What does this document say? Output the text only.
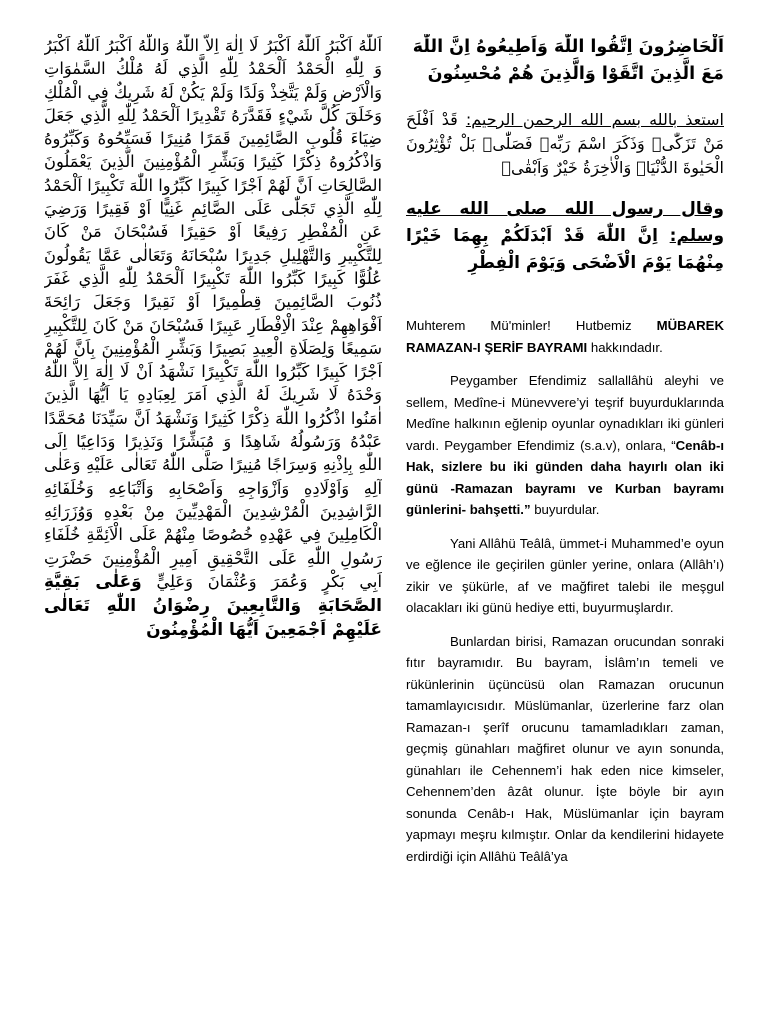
اَللّٰهُ اَكْبَرُ اَللّٰهُ اَكْبَرُ لَا اِلٰهَ اِلاَّ اللّٰهُ وَاللّٰهُ اَكْبَرُ اَللّٰهُ اَكْبَرُ وَ لِلّٰهِ الْحَمْدُ اَلْحَمْدُ لِلّٰهِ الَّذِي لَهُ مُلْكُ السَّمٰوَاتِ وَالْاَرْضِ وَلَمْ يَتَّخِذْ وَلَدًا وَلَمْ يَكُنْ لَهُ شَرِيكٌ فِي الْمُلْكِ وَخَلَقَ كُلَّ شَيْءٍ فَقَدَّرَهُ تَقْدِيرًا اَلْحَمْدُ لِلّٰهِ الَّذِي جَعَلَ ضِيَاءَ قُلُوبِ الصَّائِمِينَ قَمَرًا مُنِيرًا فَسَبِّحُوهُ وَكَبِّرُوهُ وَاذْكُرُوهُ ذِكْرًا كَثِيرًا وَبَشِّرِ الْمُؤْمِنِينَ الَّذِينَ يَعْمَلُونَ الصَّالِحَاتِ اَنَّ لَهُمْ اَجْرًا كَبِيرًا كَبِّرُوا اللّٰهَ تَكْبِيرًا اَلْحَمْدُ لِلّٰهِ الَّذِي تَجَلّٰى عَلَى الصَّائِمِ غَنِيًّا اَوْ فَقِيرًا وَرَضِيَ عَنِ الْمُفْطِرِ رَفِيعًا اَوْ حَقِيرًا فَسُبْحَانَ مَنْ كَانَ لِلتَّكْبِيرِ وَالتَّهْلِيلِ جَدِيرًا سُبْحَانَهُ وَتَعَالٰى عَمَّا يَقُولُونَ عُلُوًّا كَبِيرًا كَبِّرُوا اللّٰهَ تَكْبِيرًا اَلْحَمْدُ لِلّٰهِ الَّذِي غَفَرَ ذُنُوبَ الصَّائِمِينَ قِطْمِيرًا اَوْ نَقِيرًا وَجَعَلَ رَائِحَةَ اَفْوَاهِهِمْ عِنْدَ الْاِفْطَارِ عَبِيرًا فَسُبْحَانَ مَنْ كَانَ لِلتَّكْبِيرِ سَمِيعًا وَلِصَلَاةِ الْعِيدِ بَصِيرًا وَبَشِّرِ الْمُؤْمِنِينَ بِاَنَّ لَهُمْ اَجْرًا كَبِيرًا كَبِّرُوا اللّٰهَ تَكْبِيرًا نَشْهَدُ اَنْ لَا اِلٰهَ اِلاَّ اللّٰهُ وَحْدَهُ لَا شَرِيكَ لَهُ الَّذِي اَمَرَ لِعِبَادِهِ يَا اَيُّهَا الَّذِينَ اٰمَنُوا اذْكُرُوا اللّٰهَ ذِكْرًا كَثِيرًا وَنَشْهَدُ اَنَّ سَيِّدَنَا مُحَمَّدًا عَبْدُهُ وَرَسُولُهُ شَاهِدًا وَ مُبَشِّرًا وَنَذِيرًا وَدَاعِيًا اِلَى اللّٰهِ بِاِذْنِهِ وَسِرَاجًا مُنِيرًا صَلَّى اللّٰهُ تَعَالٰى عَلَيْهِ وَعَلٰى آلِهِ وَاَوْلَادِهِ وَاَزْوَاجِهِ وَاَصْحَابِهِ وَاَتْبَاعِهِ وَخُلَفَائِهِ الرَّاشِدِينَ الْمُرْشِدِينَ الْمَهْدِيِّينَ مِنْ بَعْدِهِ وَوُزَرَائِهِ الْكَامِلِينَ فِي عَهْدِهِ خُصُوصًا مِنْهُمْ عَلَى الْاَئِمَّةِ خُلَفَاءِ رَسُولِ اللّٰهِ عَلَى التَّحْقِيقِ اَمِيرِ الْمُؤْمِنِينَ حَضْرَتِ اَبِي بَكْرٍ وَعُمَرَ وَعُثْمَانَ وَعَلِيٍّ وَعَلٰى بَقِيَّةِ الصَّحَابَةِ وَالتَّابِعِينَ رِضْوَانُ اللّٰهِ تَعَالٰى عَلَيْهِمْ اَجْمَعِينَ اَيُّهَا الْمُؤْمِنُونَ

اَلْحَاضِرُونَ اِتَّقُوا اللّٰهَ وَاَطِيعُوهُ اِنَّ اللّٰهَ مَعَ الَّذِينَ اتَّقَوْا وَالَّذِينَ هُمْ مُحْسِنُونَ

استعذ بالله بسم الله الرحمن الرحيم: قَدْ اَفْلَحَ مَنْ تَزَكّٰىۙ وَذَكَرَ اسْمَ رَبِّه۪ فَصَلّٰىۜ بَلْ تُؤْثِرُونَ الْحَيٰوةَ الدُّنْيَاۘ وَالْاٰخِرَةُ خَيْرٌ وَاَبْقٰىۜ

وقال رسول الله صلى الله عليه وسلم: اِنَّ اللّٰهَ قَدْ اَبْدَلَكُمْ بِهِمَا خَيْرًا مِنْهُمَا يَوْمَ الْاَضْحَى وَيَوْمَ الْفِطْرِ

Muhterem Mü'minler! Hutbemiz MÜBAREK RAMAZAN-I ŞERİF BAYRAMI hakkındadır.

Peygamber Efendimiz sallallâhü aleyhi ve sellem, Medîne-i Münevvere’yi teşrif buyurduklarında Medîne halkının eğlenip oyunlar oynadıkları iki günleri vardı. Peygamber Efendimiz (s.a.v), onlara, “Cenâb-ı Hak, sizlere bu iki günden daha hayırlı olan iki günü -Ramazan bayramı ve Kurban bayramı günlerini- bahşetti.” buyurdular.

Yani Allâhü Teâlâ, ümmet-i Muhammed’e oyun ve eğlence ile geçirilen günler yerine, onlara (Allâh’ı) zikir ve şükürle, af ve mağfiret talebi ile meşgul olacakları iki günü hediye etti, buyurmuşlardır.

Bunlardan birisi, Ramazan orucundan sonraki fıtır bayramıdır. Bu bayram, İslâm’ın temeli ve rükünlerinin üçüncüsü olan Ramazan orucunun tamamlayıcısıdır. Müslümanlar, üzerlerine farz olan Ramazan-ı şerîf orucunu tamamladıkları zaman, geçmiş günahları mağfiret olunur ve ayın sonunda, günahları ile Cehennem’i hak eden nice kimseler, Cehennem’den âzât olunur. İşte böyle bir ayın sonunda Cenâb-ı Hak, Müslümanlar için bayram yapmayı meşru kılmıştır. Onlar da kendilerini hidayete erdirdiği için Allâhü Teâlâ’ya
